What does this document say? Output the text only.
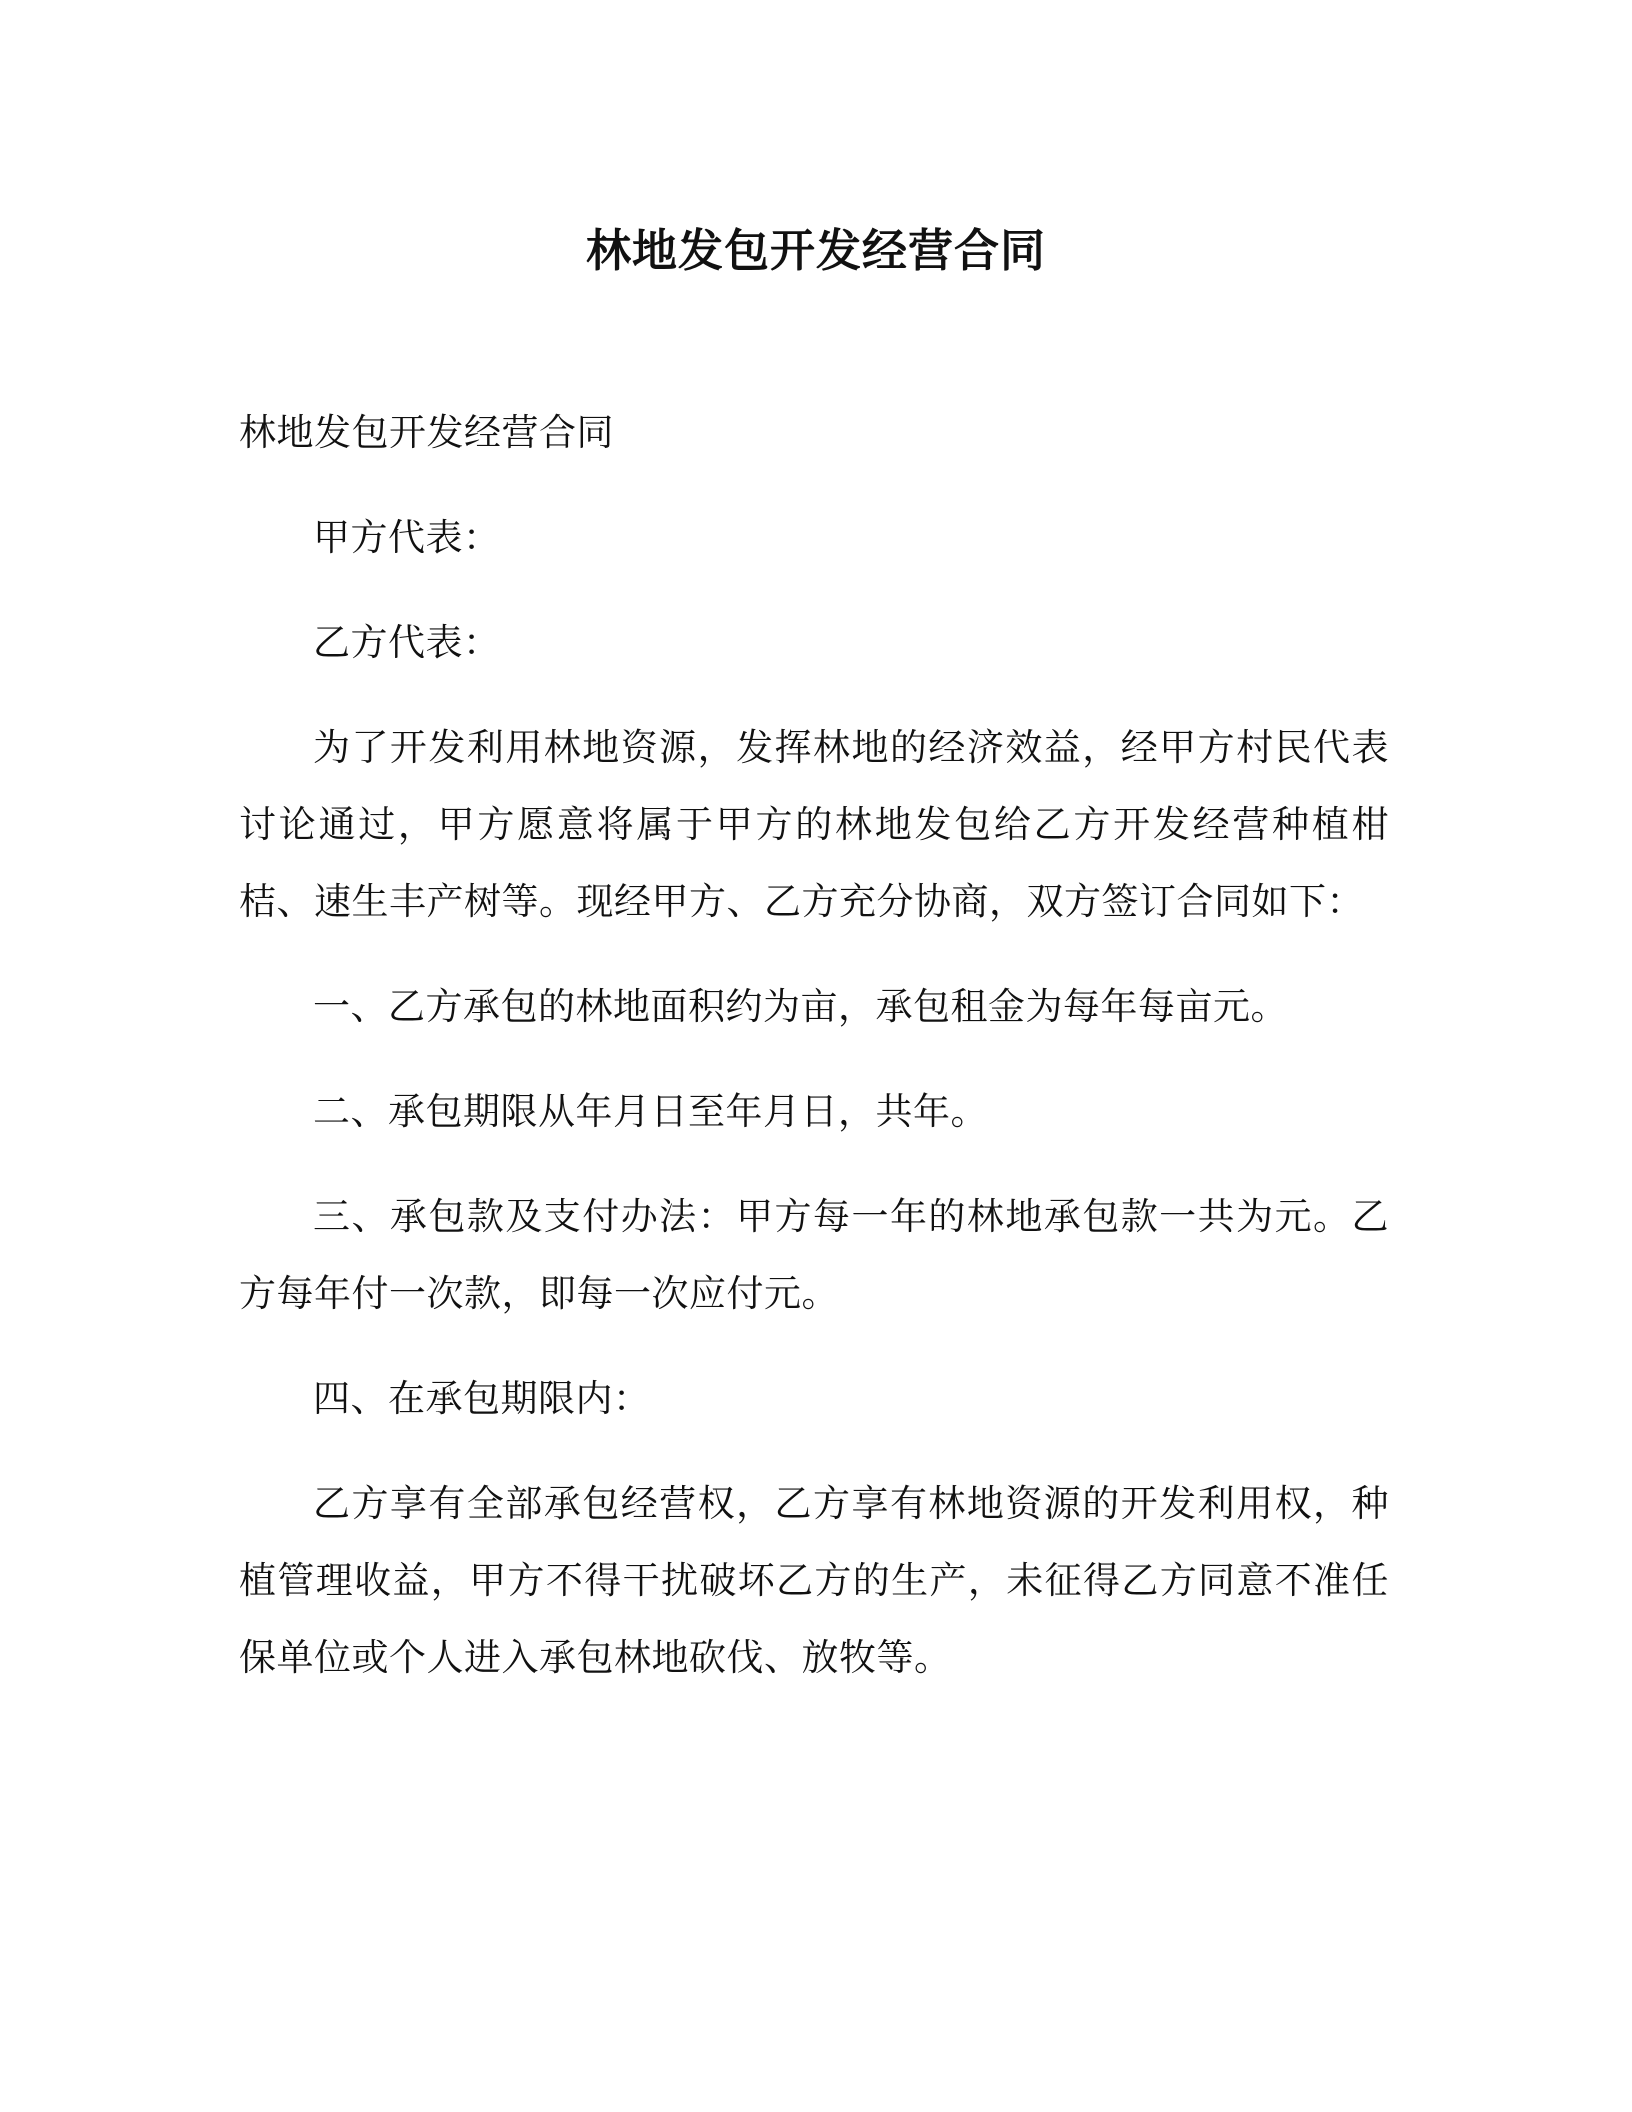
林地发包开发经营合同

林地发包开发经营合同

甲方代表：

乙方代表：

为了开发利用林地资源，发挥林地的经济效益，经甲方村民代表讨论通过，甲方愿意将属于甲方的林地发包给乙方开发经营种植柑桔、速生丰产树等。现经甲方、乙方充分协商，双方签订合同如下：

一、乙方承包的林地面积约为亩，承包租金为每年每亩元。

二、承包期限从年月日至年月日，共年。

三、承包款及支付办法：甲方每一年的林地承包款一共为元。乙方每年付一次款，即每一次应付元。

四、在承包期限内：

乙方享有全部承包经营权，乙方享有林地资源的开发利用权，种植管理收益，甲方不得干扰破坏乙方的生产，未征得乙方同意不准任保单位或个人进入承包林地砍伐、放牧等。
